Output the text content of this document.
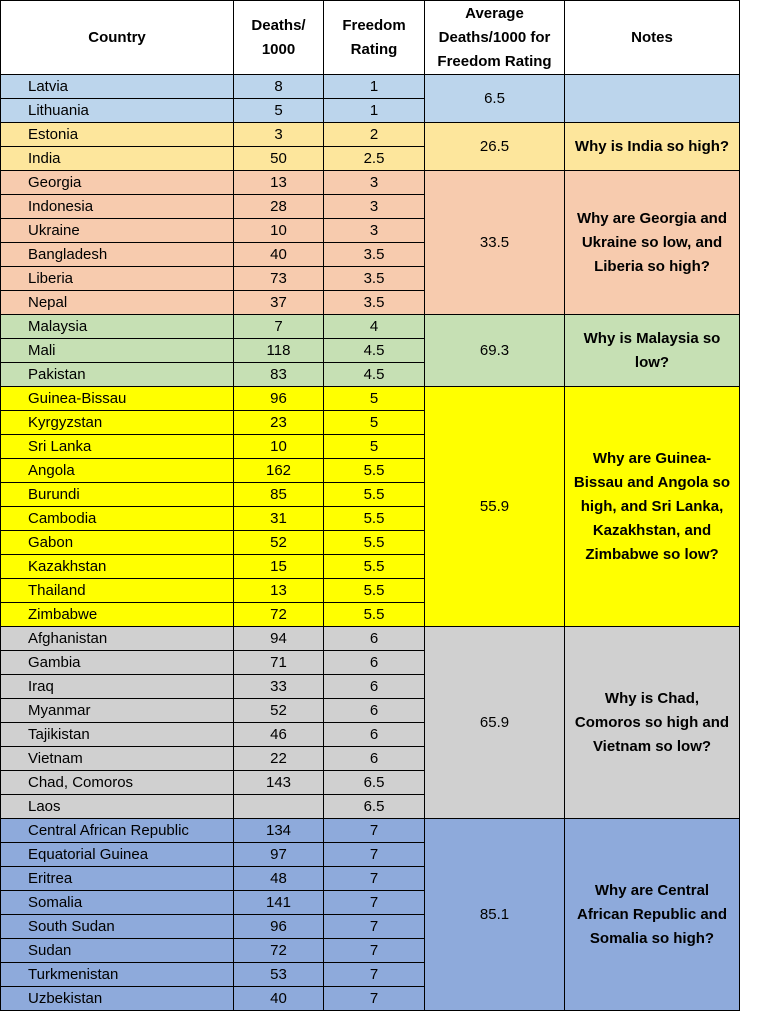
Country	Deaths/ 1000	Freedom Rating	Average Deaths/1000 for Freedom Rating	Notes
Latvia	8	1	6.5	
Lithuania	5	1		
Estonia	3	2	26.5	Why is India so high?
India	50	2.5		
Georgia	13	3	33.5	Why are Georgia and Ukraine so low, and Liberia so high?
Indonesia	28	3		
Ukraine	10	3		
Bangladesh	40	3.5		
Liberia	73	3.5		
Nepal	37	3.5		
Malaysia	7	4	69.3	Why is Malaysia so low?
Mali	118	4.5		
Pakistan	83	4.5		
Guinea-Bissau	96	5	55.9	Why are Guinea-Bissau and Angola so high, and Sri Lanka, Kazakhstan, and Zimbabwe so low?
Kyrgyzstan	23	5		
Sri Lanka	10	5		
Angola	162	5.5		
Burundi	85	5.5		
Cambodia	31	5.5		
Gabon	52	5.5		
Kazakhstan	15	5.5		
Thailand	13	5.5		
Zimbabwe	72	5.5		
Afghanistan	94	6	65.9	Why is Chad, Comoros so high and Vietnam so low?
Gambia	71	6		
Iraq	33	6		
Myanmar	52	6		
Tajikistan	46	6		
Vietnam	22	6		
Chad, Comoros	143	6.5		
Laos		6.5		
Central African Republic	134	7	85.1	Why are Central African Republic and Somalia so high?
Equatorial Guinea	97	7		
Eritrea	48	7		
Somalia	141	7		
South Sudan	96	7		
Sudan	72	7		
Turkmenistan	53	7		
Uzbekistan	40	7		
